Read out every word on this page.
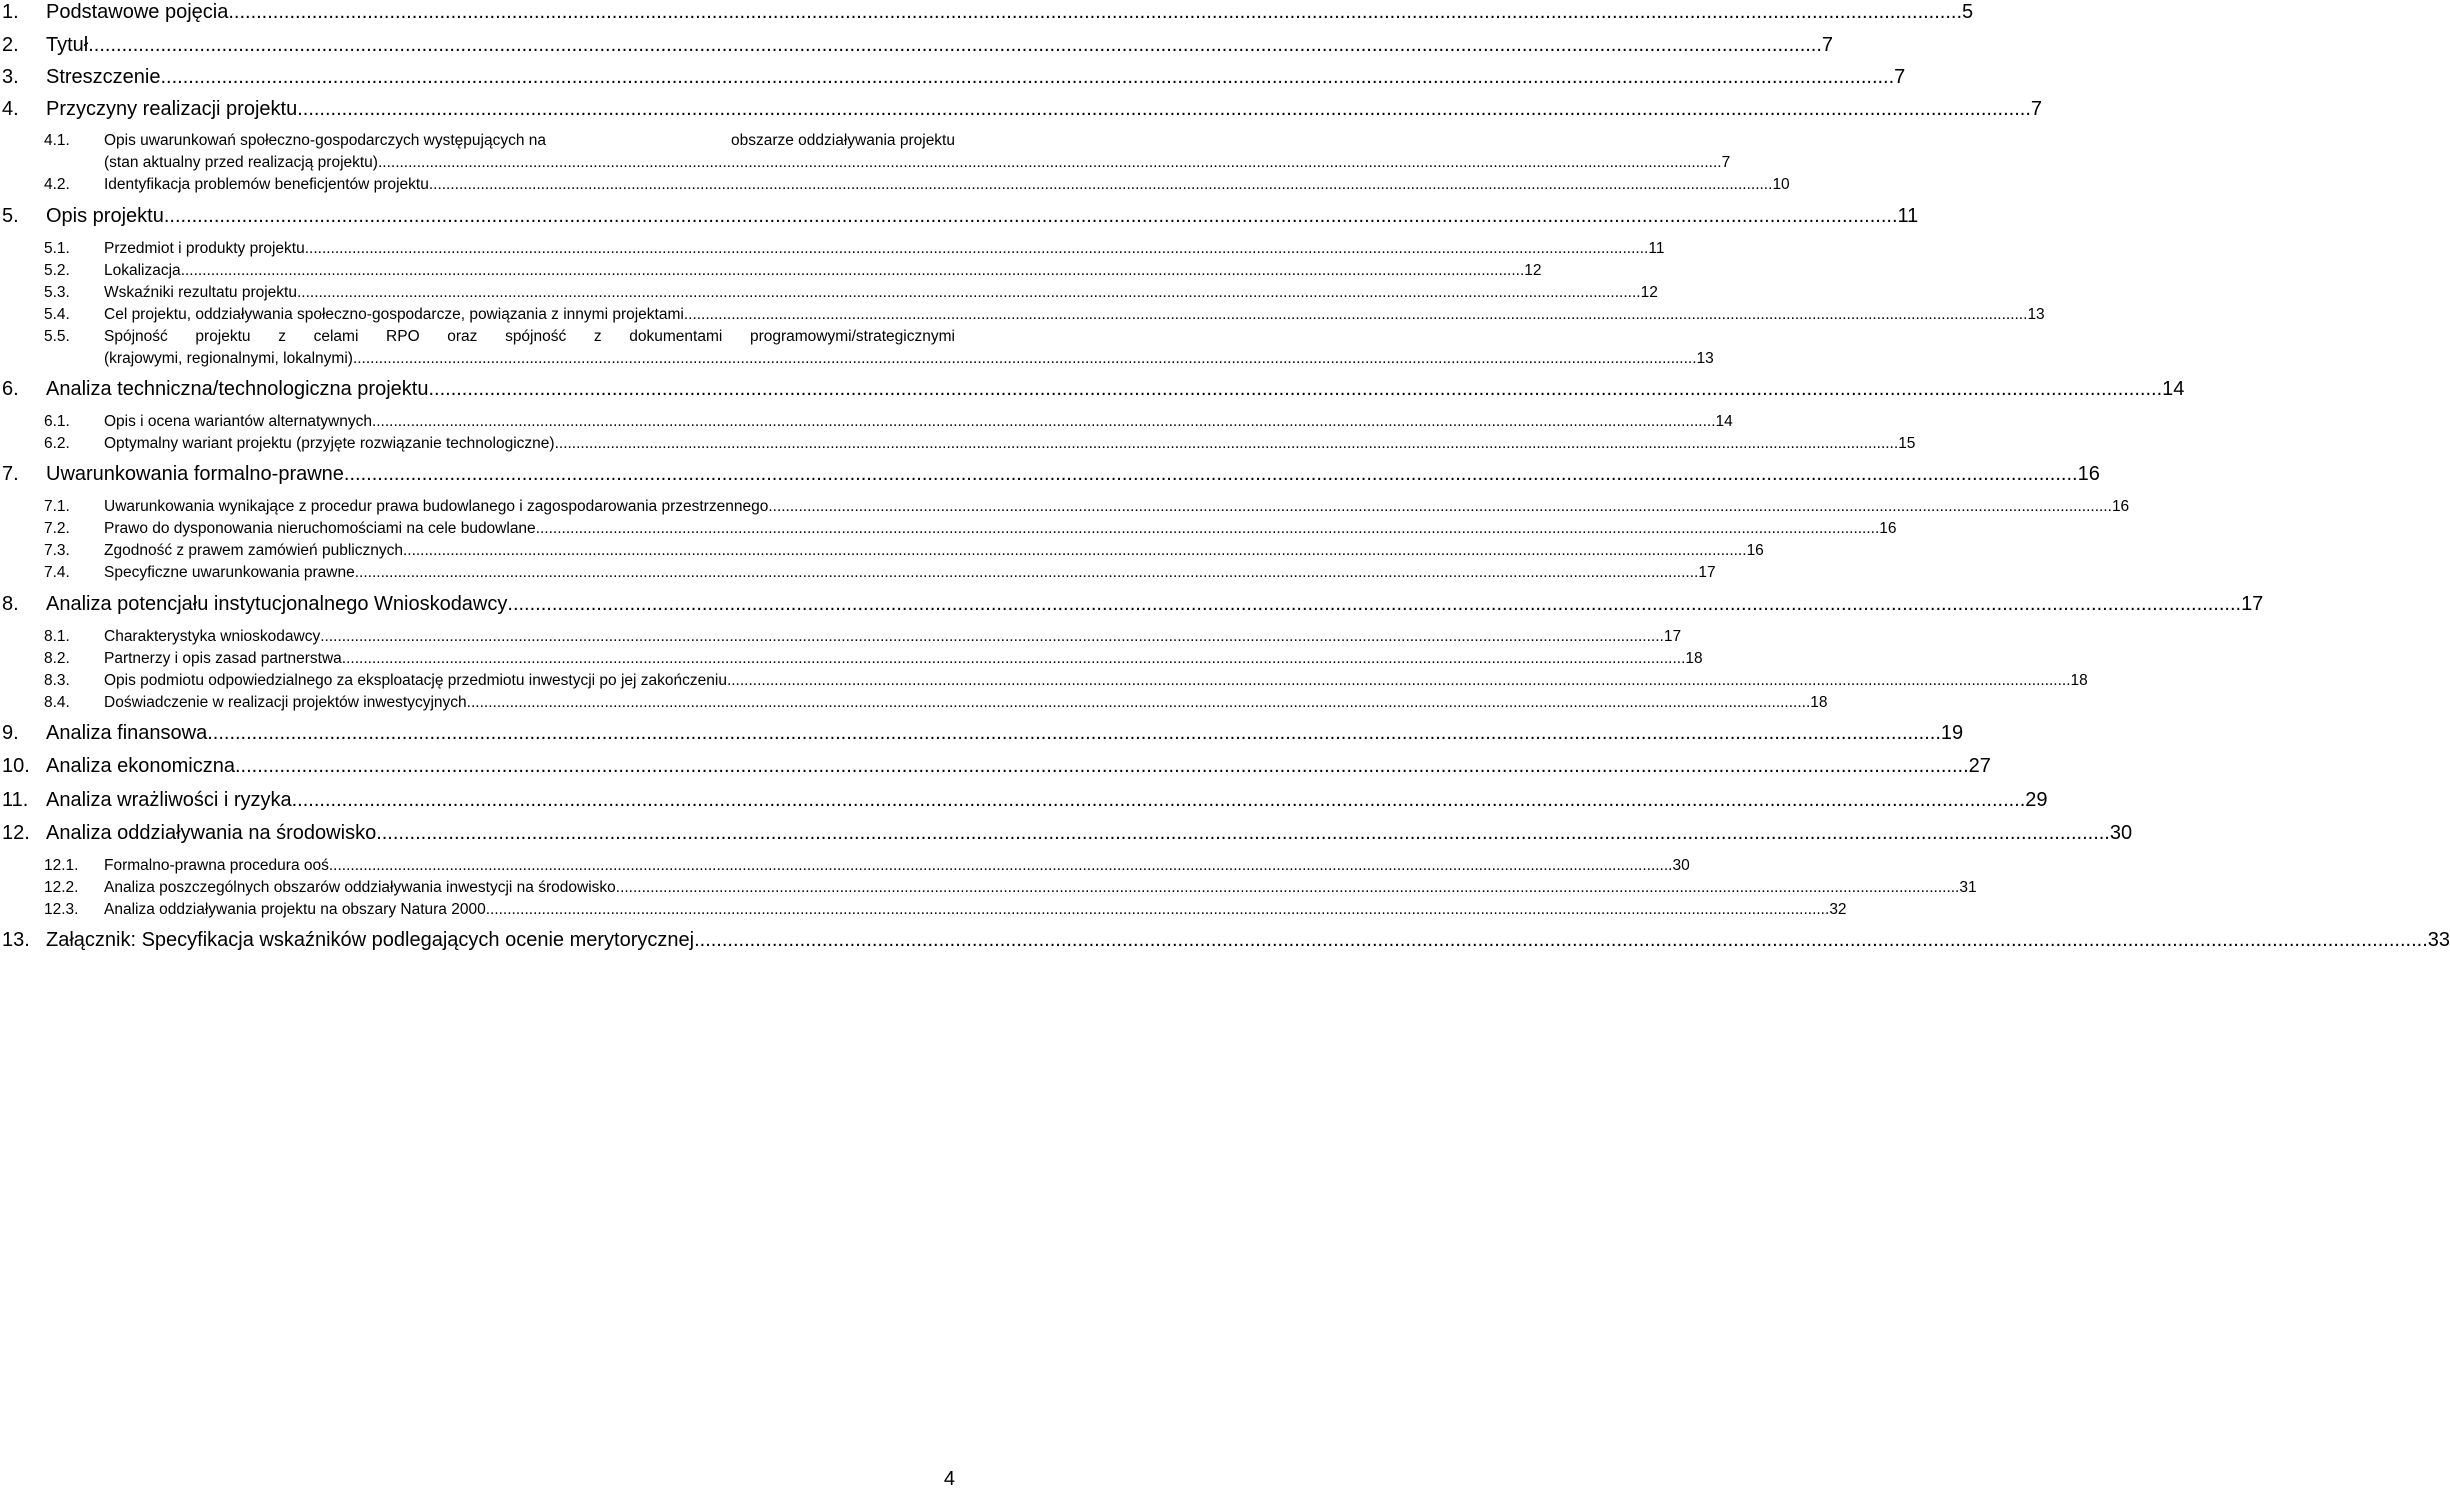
1.	Podstawowe pojęcia .....	5
2.	Tytuł .....	7
3.	Streszczenie .....	7
4.	Przyczyny realizacji projektu .....	7
4.1.	Opis uwarunkowań społeczno-gospodarczych występujących na	obszarze oddziaływania projektu
(stan aktualny przed realizacją projektu) .....	7
4.2.	Identyfikacja problemów beneficjentów projektu .....	10
5.	Opis projektu .....	11
5.1.	Przedmiot i produkty projektu .....	11
5.2.	Lokalizacja .....	12
5.3.	Wskaźniki rezultatu projektu .....	12
5.4.	Cel projektu, oddziaływania społeczno-gospodarcze, powiązania z innymi projektami .....	13
5.5.	Spójność projektu z celami RPO oraz spójność z dokumentami programowymi/strategicznymi
(krajowymi, regionalnymi, lokalnymi) .....	13
6.	Analiza techniczna/technologiczna projektu .....	14
6.1.	Opis i ocena wariantów alternatywnych .....	14
6.2.	Optymalny wariant projektu (przyjęte rozwiązanie technologiczne) .....	15
7.	Uwarunkowania formalno-prawne .....	16
7.1.	Uwarunkowania wynikające z procedur prawa budowlanego i zagospodarowania przestrzennego .....	16
7.2.	Prawo do dysponowania nieruchomościami na cele budowlane .....	16
7.3.	Zgodność z prawem zamówień publicznych .....	16
7.4.	Specyficzne uwarunkowania prawne .....	17
8.	Analiza potencjału instytucjonalnego Wnioskodawcy .....	17
8.1.	Charakterystyka wnioskodawcy .....	17
8.2.	Partnerzy i opis zasad partnerstwa .....	18
8.3.	Opis podmiotu odpowiedzialnego za eksploatację przedmiotu inwestycji po jej zakończeniu .....	18
8.4.	Doświadczenie w realizacji projektów inwestycyjnych .....	18
9.	Analiza finansowa .....	19
10. Analiza ekonomiczna .....	27
11. Analiza wrażliwości i ryzyka .....	29
12. Analiza oddziaływania na środowisko .....	30
12.1.	Formalno-prawna procedura ooś .....	30
12.2.	Analiza poszczególnych obszarów oddziaływania inwestycji na środowisko .....	31
12.3.	Analiza oddziaływania projektu na obszary Natura 2000 .....	32
13. Załącznik: Specyfikacja wskaźników podlegających ocenie merytorycznej .....	33
4
